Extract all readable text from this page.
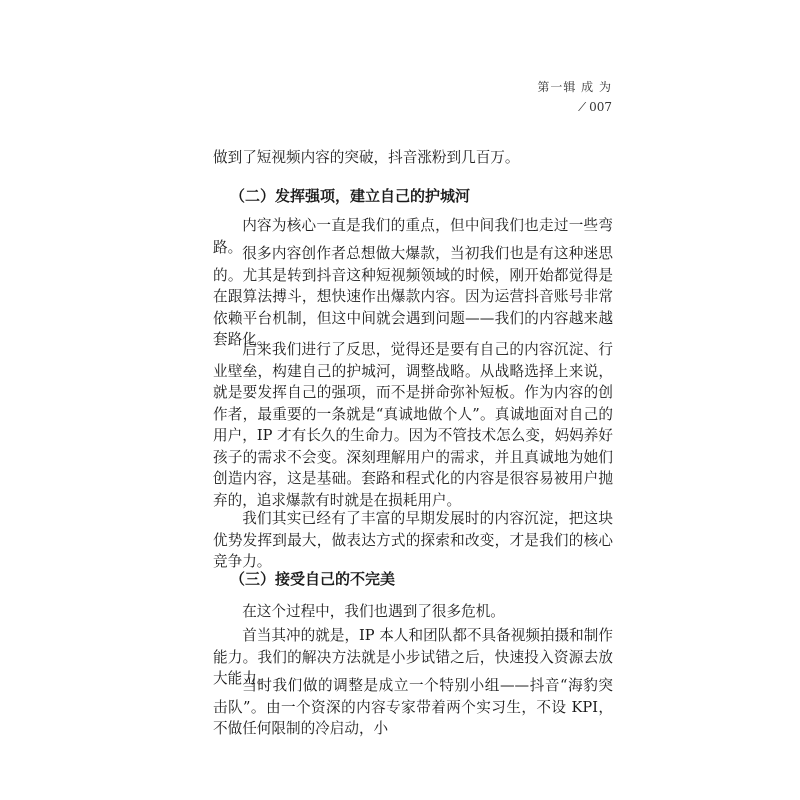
第一辑 成 为
⁄ 007

做到了短视频内容的突破，抖音涨粉到几百万。

（二）发挥强项，建立自己的护城河

内容为核心一直是我们的重点，但中间我们也走过一些弯路。 很多内容创作者总想做大爆款，当初我们也是有这种迷思的。尤其是转到抖音这种短视频领域的时候，刚开始都觉得是在跟算法搏斗，想快速作出爆款内容。因为运营抖音账号非常依赖平台机制，但这中间就会遇到问题——我们的内容越来越套路化。

后来我们进行了反思，觉得还是要有自己的内容沉淀、行业壁垒，构建自己的护城河，调整战略。从战略选择上来说，就是要发挥自己的强项，而不是拼命弥补短板。作为内容的创作者，最重要的一条就是“真诚地做个人”。真诚地面对自己的用户，IP 才有长久的生命力。因为不管技术怎么变，妈妈养好孩子的需求不会变。深刻理解用户的需求，并且真诚地为她们创造内容，这是基础。套路和程式化的内容是很容易被用户抛弃的，追求爆款有时就是在损耗用户。

我们其实已经有了丰富的早期发展时的内容沉淀，把这块优势发挥到最大，做表达方式的探索和改变，才是我们的核心竞争力。

（三）接受自己的不完美

在这个过程中，我们也遇到了很多危机。

首当其冲的就是，IP 本人和团队都不具备视频拍摄和制作能力。我们的解决方法就是小步试错之后，快速投入资源去放大能力。

当时我们做的调整是成立一个特别小组——抖音“海豹突击队”。由一个资深的内容专家带着两个实习生，不设 KPI，不做任何限制的冷启动，小
